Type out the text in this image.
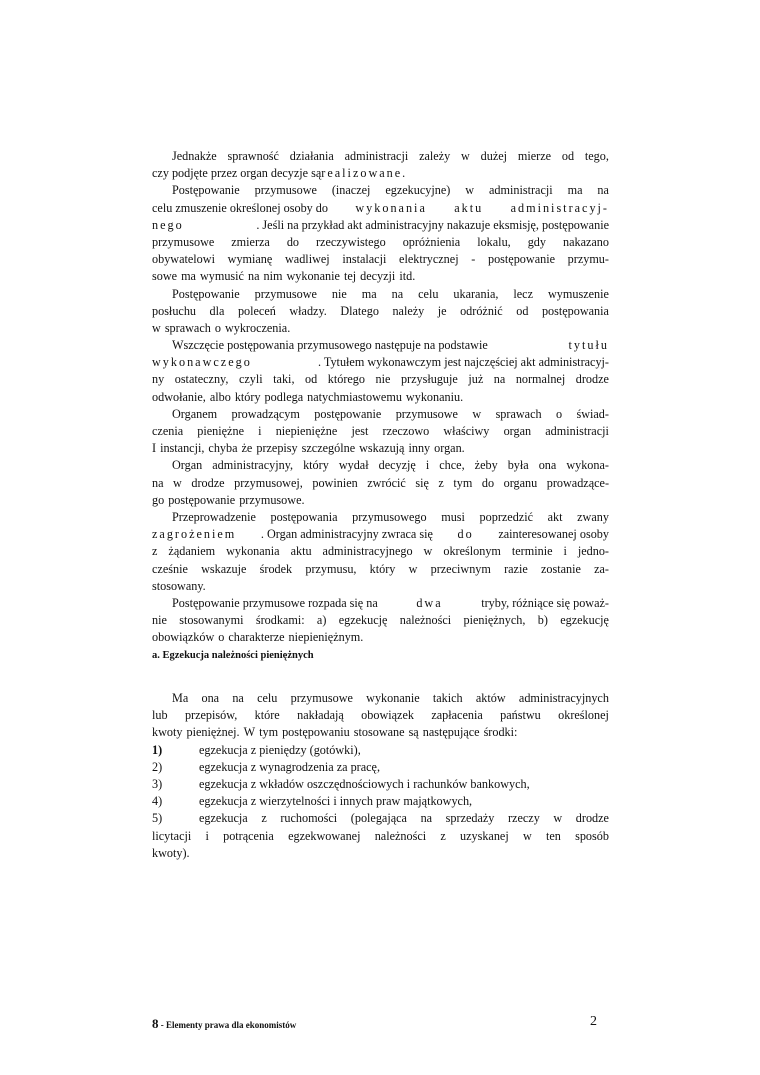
Jednakże sprawność działania administracji zależy w dużej mierze od tego,
czy podjęte przez organ decyzje są realizowane .
Postępowanie przymusowe (inaczej egzekucyjne) w administracji ma na
celu zmuszenie określonej osoby do wykonania aktu administracyj-
nego	. Jeśli na przykład akt administracyjny nakazuje eksmisję, postępowanie
przymusowe zmierza do rzeczywistego opróżnienia lokalu, gdy nakazano
obywatelowi wymianę wadliwej instalacji elektrycznej - postępowanie przymu-
sowe ma wymusić na nim wykonanie tej decyzji itd.
Postępowanie przymusowe nie ma na celu ukarania, lecz wymuszenie
posłuchu dla poleceń władzy. Dlatego należy je odróżnić od postępowania
w sprawach o wykroczenia.
Wszczęcie postępowania przymusowego następuje na podstawie	tytułu
wykonawczego	. Tytułem wykonawczym jest najczęściej akt administracyj-
ny ostateczny, czyli taki, od którego nie przysługuje już na normalnej drodze
odwołanie, albo który podlega natychmiastowemu wykonaniu.
Organem prowadzącym postępowanie przymusowe w sprawach o świad-
czenia pieniężne i niepieniężne jest rzeczowo właściwy organ administracji
I instancji, chyba że przepisy szczególne wskazują inny organ.
Organ administracyjny, który wydał decyzję i chce, żeby była ona wykona-
na w drodze przymusowej, powinien zwrócić się z tym do organu prowadzące-
go postępowanie przymusowe.
Przeprowadzenie postępowania przymusowego musi poprzedzić akt zwany
zagrożeniem . Organ administracyjny zwraca się do zainteresowanej osoby
z żądaniem wykonania aktu administracyjnego w określonym terminie i jedno-
cześnie wskazuje środek przymusu, który w przeciwnym razie zostanie za-
stosowany.
Postępowanie przymusowe rozpada się na	dwa	tryby, różniące się poważ-
nie stosowanymi środkami: a) egzekucję należności pieniężnych, b) egzekucję
obowiązków o charakterze niepieniężnym.
a. Egzekucja należności pieniężnych
Ma ona na celu przymusowe wykonanie takich aktów administracyjnych
lub przepisów, które nakładają obowiązek zapłacenia państwu określonej
kwoty pieniężnej. W tym postępowaniu stosowane są następujące środki:
1)	egzekucja z pieniędzy (gotówki),
2)	egzekucja z wynagrodzenia za pracę,
3)	egzekucja z wkładów oszczędnościowych i rachunków bankowych,
4)	egzekucja z wierzytelności i innych praw majątkowych,
5)	egzekucja z ruchomości (polegająca na sprzedaży rzeczy w drodze
licytacji i potrącenia egzekwowanej należności z uzyskanej w ten sposób
kwoty).
8 - Elementy prawa dla ekonomistów	2
